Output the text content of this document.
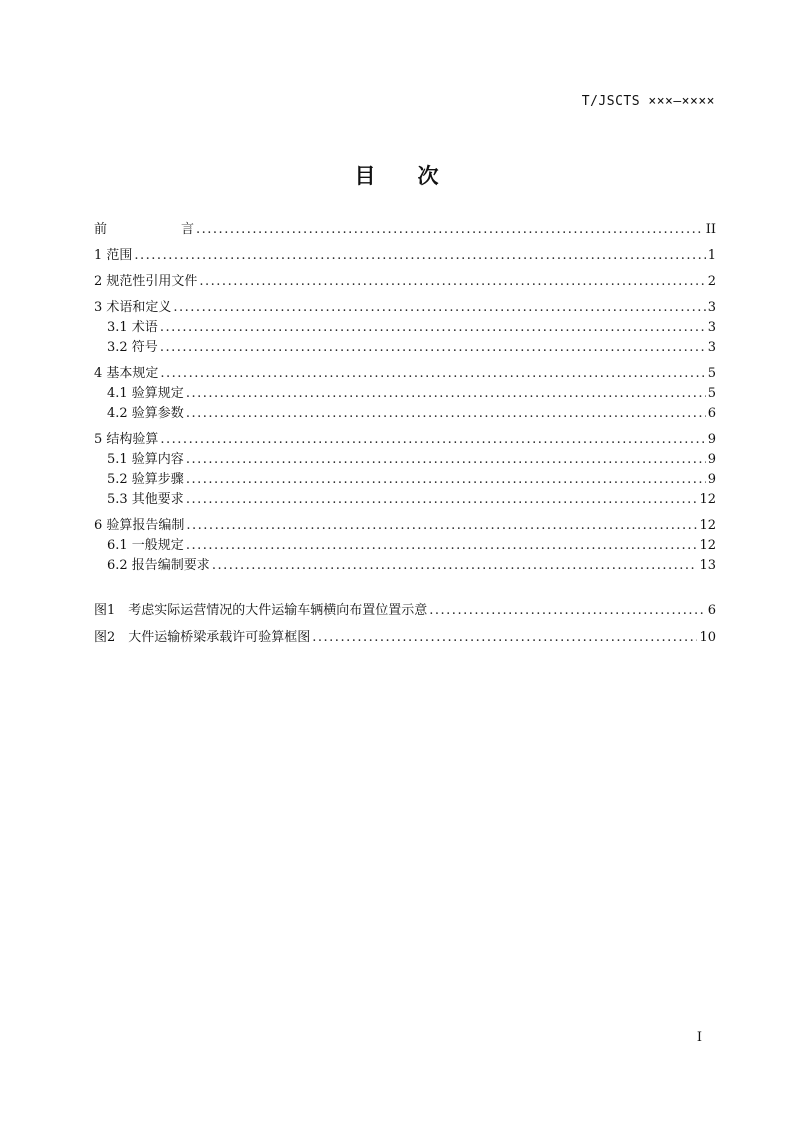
T/JSCTS ×××—××××
目 次
前	言 .....	II
1 范围 .....	1
2 规范性引用文件 .....	2
3 术语和定义 .....	3
3.1 术语 .....	3
3.2 符号 .....	3
4 基本规定 .....	5
4.1 验算规定 .....	5
4.2 验算参数 .....	6
5 结构验算 .....	9
5.1 验算内容 .....	9
5.2 验算步骤 .....	9
5.3 其他要求 .....	12
6 验算报告编制 .....	12
6.1 一般规定 .....	12
6.2 报告编制要求 .....	13
图1　考虑实际运营情况的大件运输车辆横向布置位置示意 .....	6
图2　大件运输桥梁承载许可验算框图 .....	10
I
